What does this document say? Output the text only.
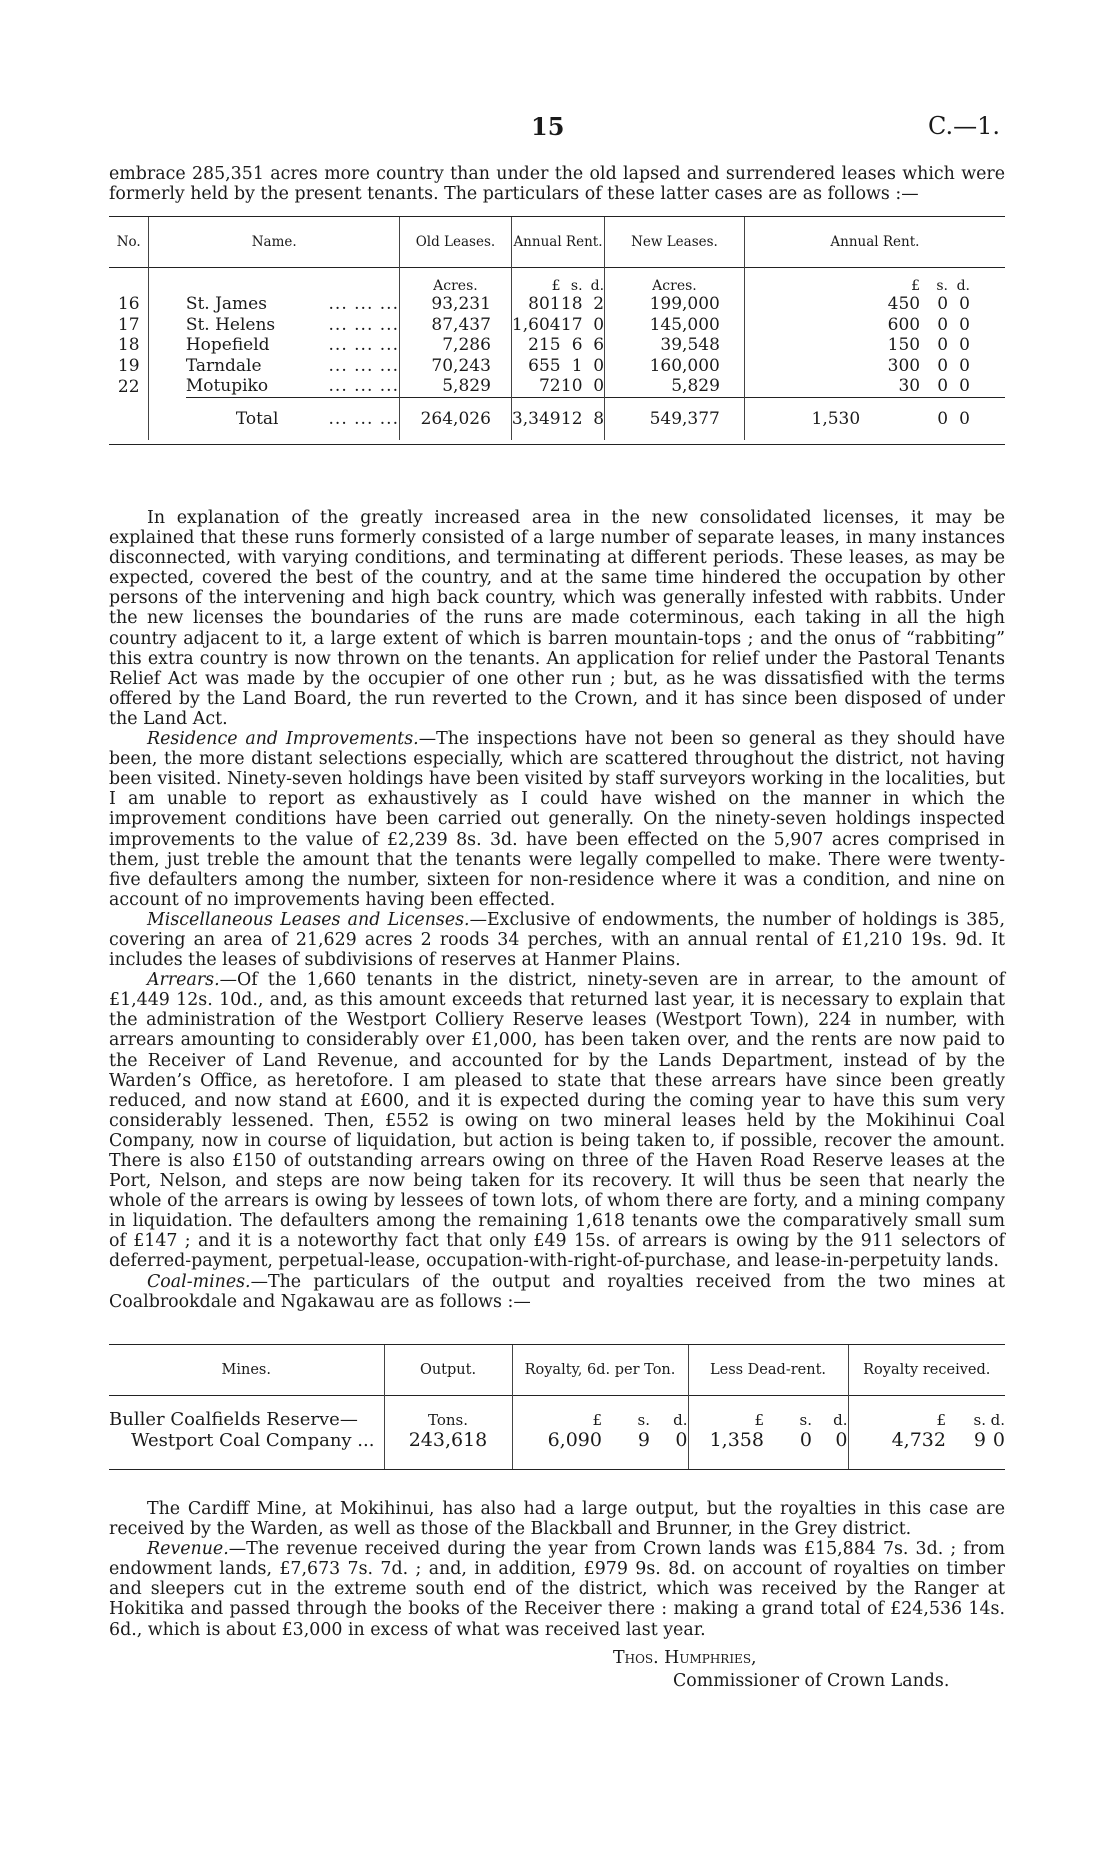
15	C.—1.

embrace 285,351 acres more country than under the old lapsed and surrendered leases which were formerly held by the present tenants. The particulars of these latter cases are as follows :—

No.	Name.			Old Leases.	Annual Rent.			New Leases.	Annual Rent.				
				Acres.	£	s.	d.	Acres.		£	s.	d.	
16		St. James	... ... ...	93,231	801	18	2	199,000		450	0	0	
17		St. Helens	... ... ...	87,437	1,604	17	0	145,000		600	0	0	
18		Hopefield	... ... ...	7,286	215	6	6	39,548		150	0	0	
19		Tarndale	... ... ...	70,243	655	1	0	160,000		300	0	0	
22		Motupiko	... ... ...	5,829	72	10	0	5,829		30	0	0	
		Total	... ... ...	264,026	3,349	12	8	549,377	1,530		0	0	

In explanation of the greatly increased area in the new consolidated licenses, it may be explained that these runs formerly consisted of a large number of separate leases, in many instances disconnected, with varying conditions, and terminating at different periods. These leases, as may be expected, covered the best of the country, and at the same time hindered the occupation by other persons of the intervening and high back country, which was generally infested with rabbits. Under the new licenses the boundaries of the runs are made coterminous, each taking in all the high country adjacent to it, a large extent of which is barren mountain-tops ; and the onus of “rabbiting” this extra country is now thrown on the tenants. An application for relief under the Pastoral Tenants Relief Act was made by the occupier of one other run ; but, as he was dissatisfied with the terms offered by the Land Board, the run reverted to the Crown, and it has since been disposed of under the Land Act.

Residence and Improvements.—The inspections have not been so general as they should have been, the more distant selections especially, which are scattered throughout the district, not having been visited. Ninety-seven holdings have been visited by staff surveyors working in the localities, but I am unable to report as exhaustively as I could have wished on the manner in which the improvement conditions have been carried out generally. On the ninety-seven holdings inspected improvements to the value of £2,239 8s. 3d. have been effected on the 5,907 acres comprised in them, just treble the amount that the tenants were legally compelled to make. There were twenty-five defaulters among the number, sixteen for non-residence where it was a condition, and nine on account of no improvements having been effected.

Miscellaneous Leases and Licenses.—Exclusive of endowments, the number of holdings is 385, covering an area of 21,629 acres 2 roods 34 perches, with an annual rental of £1,210 19s. 9d. It includes the leases of subdivisions of reserves at Hanmer Plains.

Arrears.—Of the 1,660 tenants in the district, ninety-seven are in arrear, to the amount of £1,449 12s. 10d., and, as this amount exceeds that returned last year, it is necessary to explain that the administration of the Westport Colliery Reserve leases (Westport Town), 224 in number, with arrears amounting to considerably over £1,000, has been taken over, and the rents are now paid to the Receiver of Land Revenue, and accounted for by the Lands Department, instead of by the Warden’s Office, as heretofore. I am pleased to state that these arrears have since been greatly reduced, and now stand at £600, and it is expected during the coming year to have this sum very considerably lessened. Then, £552 is owing on two mineral leases held by the Mokihinui Coal Company, now in course of liquidation, but action is being taken to, if possible, recover the amount. There is also £150 of outstanding arrears owing on three of the Haven Road Reserve leases at the Port, Nelson, and steps are now being taken for its recovery. It will thus be seen that nearly the whole of the arrears is owing by lessees of town lots, of whom there are forty, and a mining company in liquidation. The defaulters among the remaining 1,618 tenants owe the comparatively small sum of £147 ; and it is a noteworthy fact that only £49 15s. of arrears is owing by the 911 selectors of deferred-payment, perpetual-lease, occupation-with-right-of-purchase, and lease-in-perpetuity lands.

Coal-mines.—The particulars of the output and royalties received from the two mines at Coalbrookdale and Ngakawau are as follows :—

Mines.	Output.	Royalty, 6d. per Ton.			Less Dead-rent.			Royalty received.		
Buller Coalfields Reserve—	Tons.	£	s.	d.	£	s.	d.	£	s.	d.
Westport Coal Company ...	243,618	6,090	9	0	1,358	0	0	4,732	9	0

The Cardiff Mine, at Mokihinui, has also had a large output, but the royalties in this case are received by the Warden, as well as those of the Blackball and Brunner, in the Grey district.

Revenue.—The revenue received during the year from Crown lands was £15,884 7s. 3d. ; from endowment lands, £7,673 7s. 7d. ; and, in addition, £979 9s. 8d. on account of royalties on timber and sleepers cut in the extreme south end of the district, which was received by the Ranger at Hokitika and passed through the books of the Receiver there : making a grand total of £24,536 14s. 6d., which is about £3,000 in excess of what was received last year.

Thos. Humphries,
Commissioner of Crown Lands.
